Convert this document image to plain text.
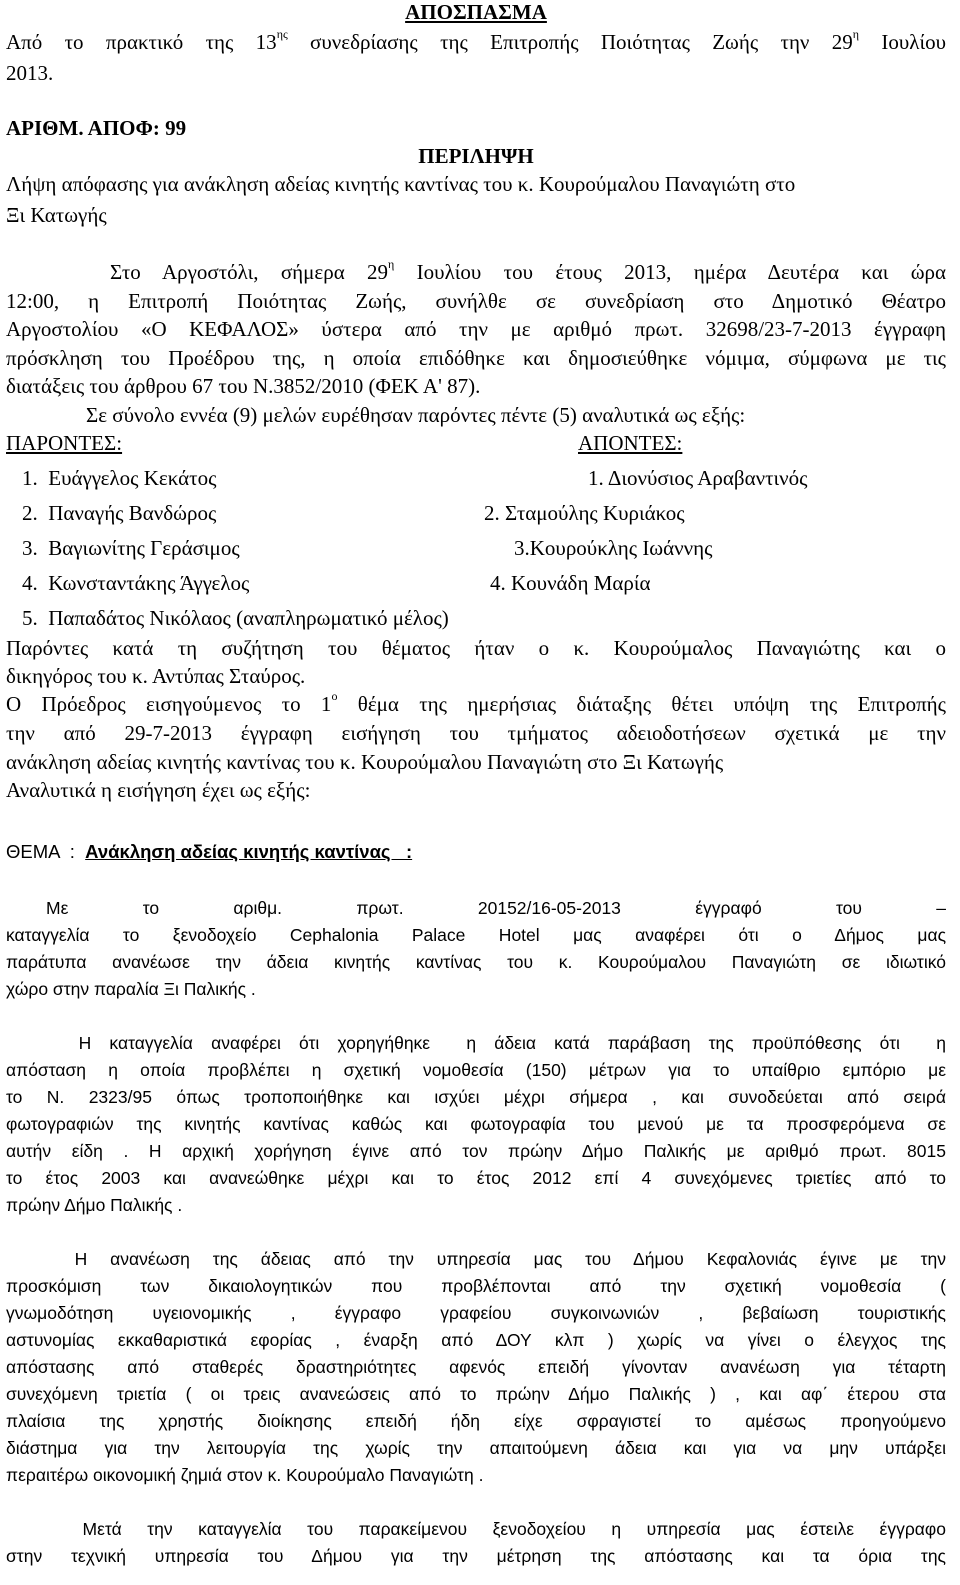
ΑΠΟΣΠΑΣΜΑ
Από το πρακτικό της $13^{\eta\varsigma}$ συνεδρίασης της Επιτροπής Ποιότητας Ζωής την $29^\eta$ Ιουλίου
2013.
ΑΡΙΘΜ. ΑΠΟΦ: 99
ΠΕΡΙΛΗΨΗ
Λήψη απόφασης για ανάκληση αδείας κινητής καντίνας του κ. Κουρούμαλου Παναγιώτη στο
Ξι Κατωγής
Στο Αργοστόλι, σήμερα $29^\eta$ Ιουλίου του έτους 2013, ημέρα Δευτέρα και ώρα
12:00, η Επιτροπή Ποιότητας Ζωής, συνήλθε σε συνεδρίαση στο Δημοτικό Θέατρο
Αργοστολίου «Ο ΚΕΦΑΛΟΣ» ύστερα από την με αριθμό πρωτ. 32698/23-7-2013 έγγραφη
πρόσκληση του Προέδρου της, η οποία επιδόθηκε και δημοσιεύθηκε νόμιμα, σύμφωνα με τις
διατάξεις του άρθρου 67 του Ν.3852/2010 (ΦΕΚ Α' 87).
Σε σύνολο εννέα (9) μελών ευρέθησαν παρόντες πέντε (5) αναλυτικά ως εξής:
ΠΑΡΟΝΤΕΣ:	ΑΠΟΝΤΕΣ:
1.  Ευάγγελος Κεκάτος
2.  Παναγής Βανδώρος
3.  Βαγιωνίτης Γεράσιμος
4.  Κωνσταντάκης Άγγελος
5.  Παπαδάτος Νικόλαος (αναπληρωματικό μέλος)
1. Διονύσιος Αραβαντινός
2. Σταμούλης Κυριάκος
3.Κουρούκλης Ιωάννης
4. Κουνάδη Μαρία
Παρόντες κατά τη συζήτηση του θέματος ήταν ο κ. Κουρούμαλος Παναγιώτης και ο
δικηγόρος του κ. Αντύπας Σταύρος.
Ο Πρόεδρος εισηγούμενος το $1^o$ θέμα της ημερήσιας διάταξης θέτει υπόψη της Επιτροπής
την από 29-7-2013 έγγραφη εισήγηση του τμήματος αδειοδοτήσεων σχετικά με την
ανάκληση αδείας κινητής καντίνας του κ. Κουρούμαλου Παναγιώτη στο Ξι Κατωγής
Αναλυτικά η εισήγηση έχει ως εξής:
ΘΕΜΑ  :  Ανάκληση αδείας κινητής καντίνας   :
Με το αριθμ. πρωτ. 20152/16-05-2013 έγγραφό του –
καταγγελία το ξενοδοχείο Cephalonia Palace Hotel μας αναφέρει ότι ο Δήμος μας
παράτυπα ανανέωσε την άδεια κινητής καντίνας του κ. Κουρούμαλου Παναγιώτη σε ιδιωτικό
χώρο στην παραλία Ξι Παλικής .
Η καταγγελία αναφέρει ότι χορηγήθηκε  η άδεια κατά παράβαση της προϋπόθεσης ότι  η
απόσταση η οποία προβλέπει η σχετική νομοθεσία (150) μέτρων για το υπαίθριο εμπόριο με
το Ν. 2323/95 όπως τροποποιήθηκε και ισχύει μέχρι σήμερα , και συνοδεύεται από σειρά
φωτογραφιών της κινητής καντίνας καθώς και φωτογραφία του μενού με τα προσφερόμενα σε
αυτήν είδη . Η αρχική χορήγηση έγινε από τον πρώην Δήμο Παλικής με αριθμό πρωτ. 8015
το έτος 2003 και ανανεώθηκε μέχρι και το έτος 2012 επί 4 συνεχόμενες τριετίες από το
πρώην Δήμο Παλικής .
Η ανανέωση της άδειας από την υπηρεσία μας του Δήμου Κεφαλονιάς έγινε με την
προσκόμιση των δικαιολογητικών που προβλέπονται από την σχετική νομοθεσία (
γνωμοδότηση υγειονομικής , έγγραφο γραφείου συγκοινωνιών , βεβαίωση τουριστικής
αστυνομίας εκκαθαριστικά εφορίας , έναρξη από ΔΟΥ κλπ ) χωρίς να γίνει ο έλεγχος της
απόστασης από σταθερές δραστηριότητες αφενός επειδή γίνονταν ανανέωση για τέταρτη
συνεχόμενη τριετία ( οι τρεις ανανεώσεις από το πρώην Δήμο Παλικής ) , και αφ΄ έτερου στα
πλαίσια της χρηστής διοίκησης επειδή ήδη είχε σφραγιστεί το αμέσως προηγούμενο
διάστημα για την λειτουργία της χωρίς την απαιτούμενη άδεια και για να μην υπάρξει
περαιτέρω οικονομική ζημιά στον κ. Κουρούμαλο Παναγιώτη .
Μετά την καταγγελία του παρακείμενου ξενοδοχείου η υπηρεσία μας έστειλε έγγραφο
στην τεχνική υπηρεσία του Δήμου για την μέτρηση της απόστασης και τα όρια της
